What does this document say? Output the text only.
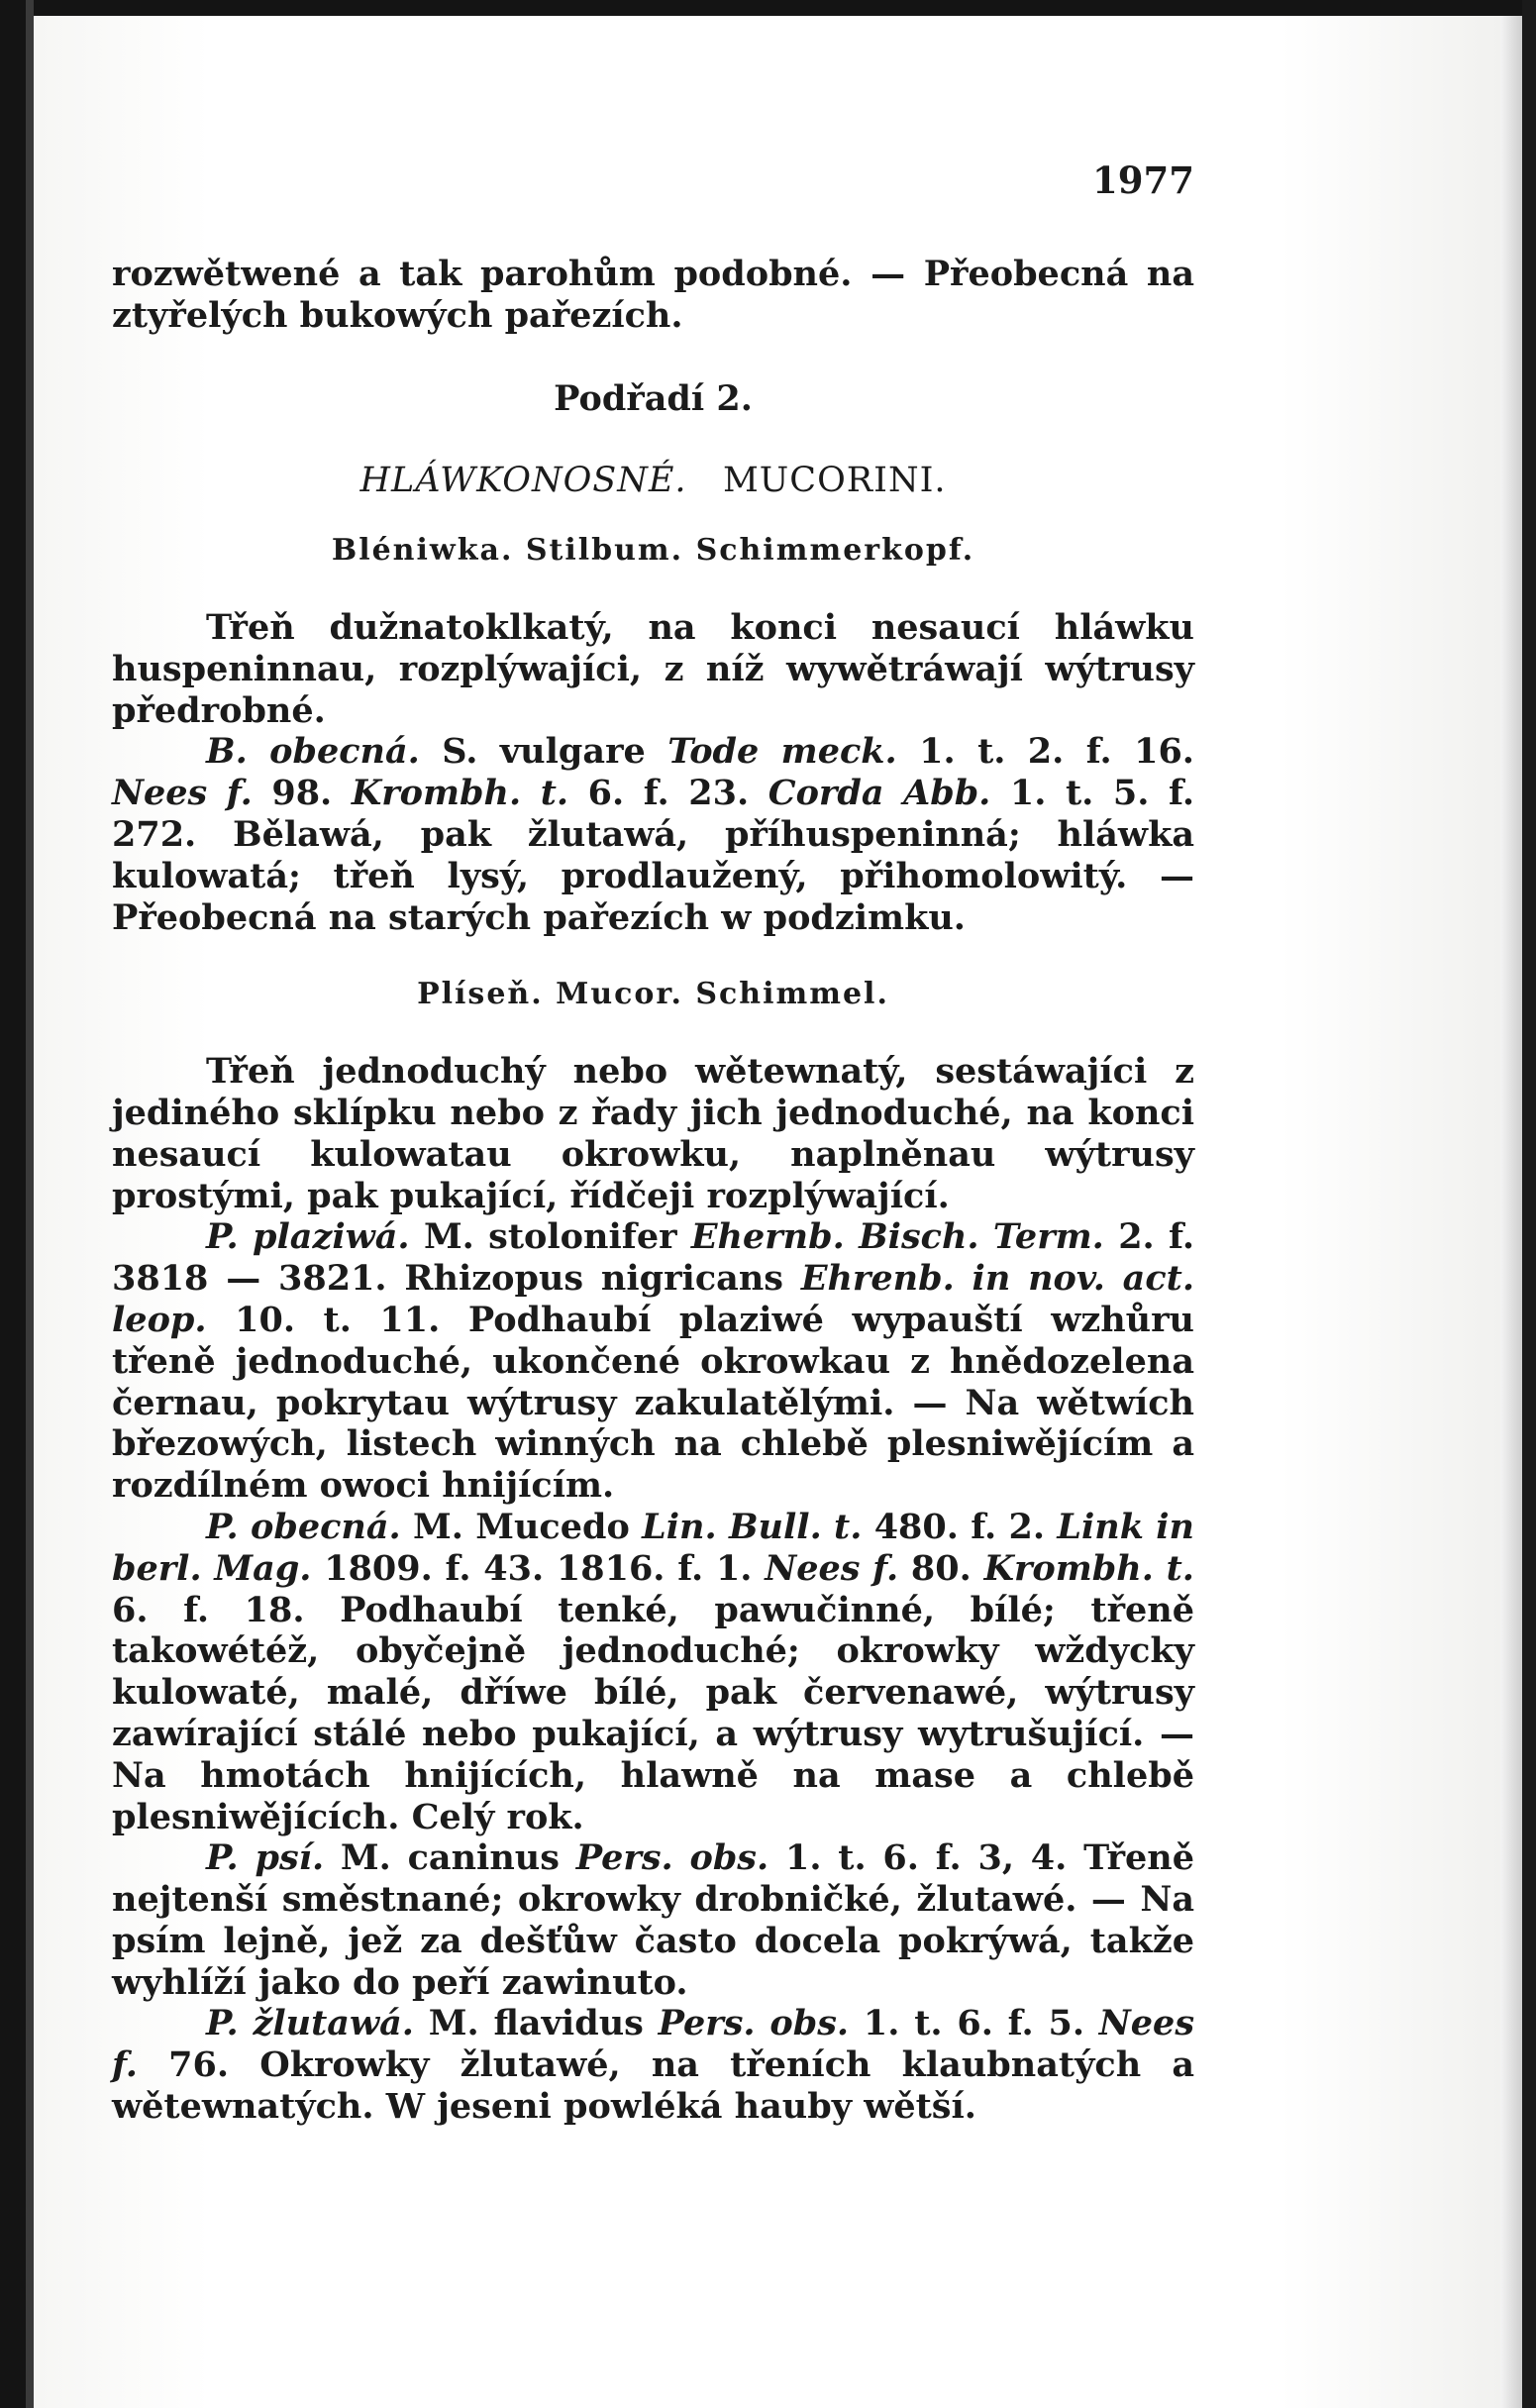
1977

rozwětwené a tak parohům podobné. — Přeobecná na ztyřelých bukowých pařezích.

Podřadí 2.

HLÁWKONOSNÉ. MUCORINI.

Bléniwka. Stilbum. Schimmerkopf.

Třeň dužnatoklkatý, na konci nesaucí hláwku huspeninnau, rozplýwajíci, z níž wywětráwají wýtrusy předrobné.

B. obecná. S. vulgare Tode meck. 1. t. 2. f. 16. Nees f. 98. Krombh. t. 6. f. 23. Corda Abb. 1. t. 5. f. 272. Bělawá, pak žlutawá, příhuspeninná; hláwka kulowatá; třeň lysý, prodlaužený, přihomolowitý. — Přeobecná na starých pařezích w podzimku.

Plíseň. Mucor. Schimmel.

Třeň jednoduchý nebo wětewnatý, sestáwajíci z jediného sklípku nebo z řady jich jednoduché, na konci nesaucí kulowatau okrowku, naplněnau wýtrusy prostými, pak pukající, řídčeji rozplýwající.

P. plaziwá. M. stolonifer Ehernb. Bisch. Term. 2. f. 3818 — 3821. Rhizopus nigricans Ehrenb. in nov. act. leop. 10. t. 11. Podhaubí plaziwé wypauští wzhůru třeně jednoduché, ukončené okrowkau z hnědozelena černau, pokrytau wýtrusy zakulatělými. — Na wětwích březowých, listech winných na chlebě plesniwějícím a rozdílném owoci hnijícím.

P. obecná. M. Mucedo Lin. Bull. t. 480. f. 2. Link in berl. Mag. 1809. f. 43. 1816. f. 1. Nees f. 80. Krombh. t. 6. f. 18. Podhaubí tenké, pawučinné, bílé; třeně takowétéž, obyčejně jednoduché; okrowky wždycky kulowaté, malé, dříwe bílé, pak červenawé, wýtrusy zawírající stálé nebo pukající, a wýtrusy wytrušující. — Na hmotách hnijících, hlawně na mase a chlebě plesniwějících. Celý rok.

P. psí. M. caninus Pers. obs. 1. t. 6. f. 3, 4. Třeně nejtenší směstnané; okrowky drobničké, žlutawé. — Na psím lejně, jež za dešťůw často docela pokrýwá, takže wyhlíží jako do peří zawinuto.

P. žlutawá. M. flavidus Pers. obs. 1. t. 6. f. 5. Nees f. 76. Okrowky žlutawé, na třeních klaubnatých a wětewnatých. W jeseni powléká hauby wětší.
